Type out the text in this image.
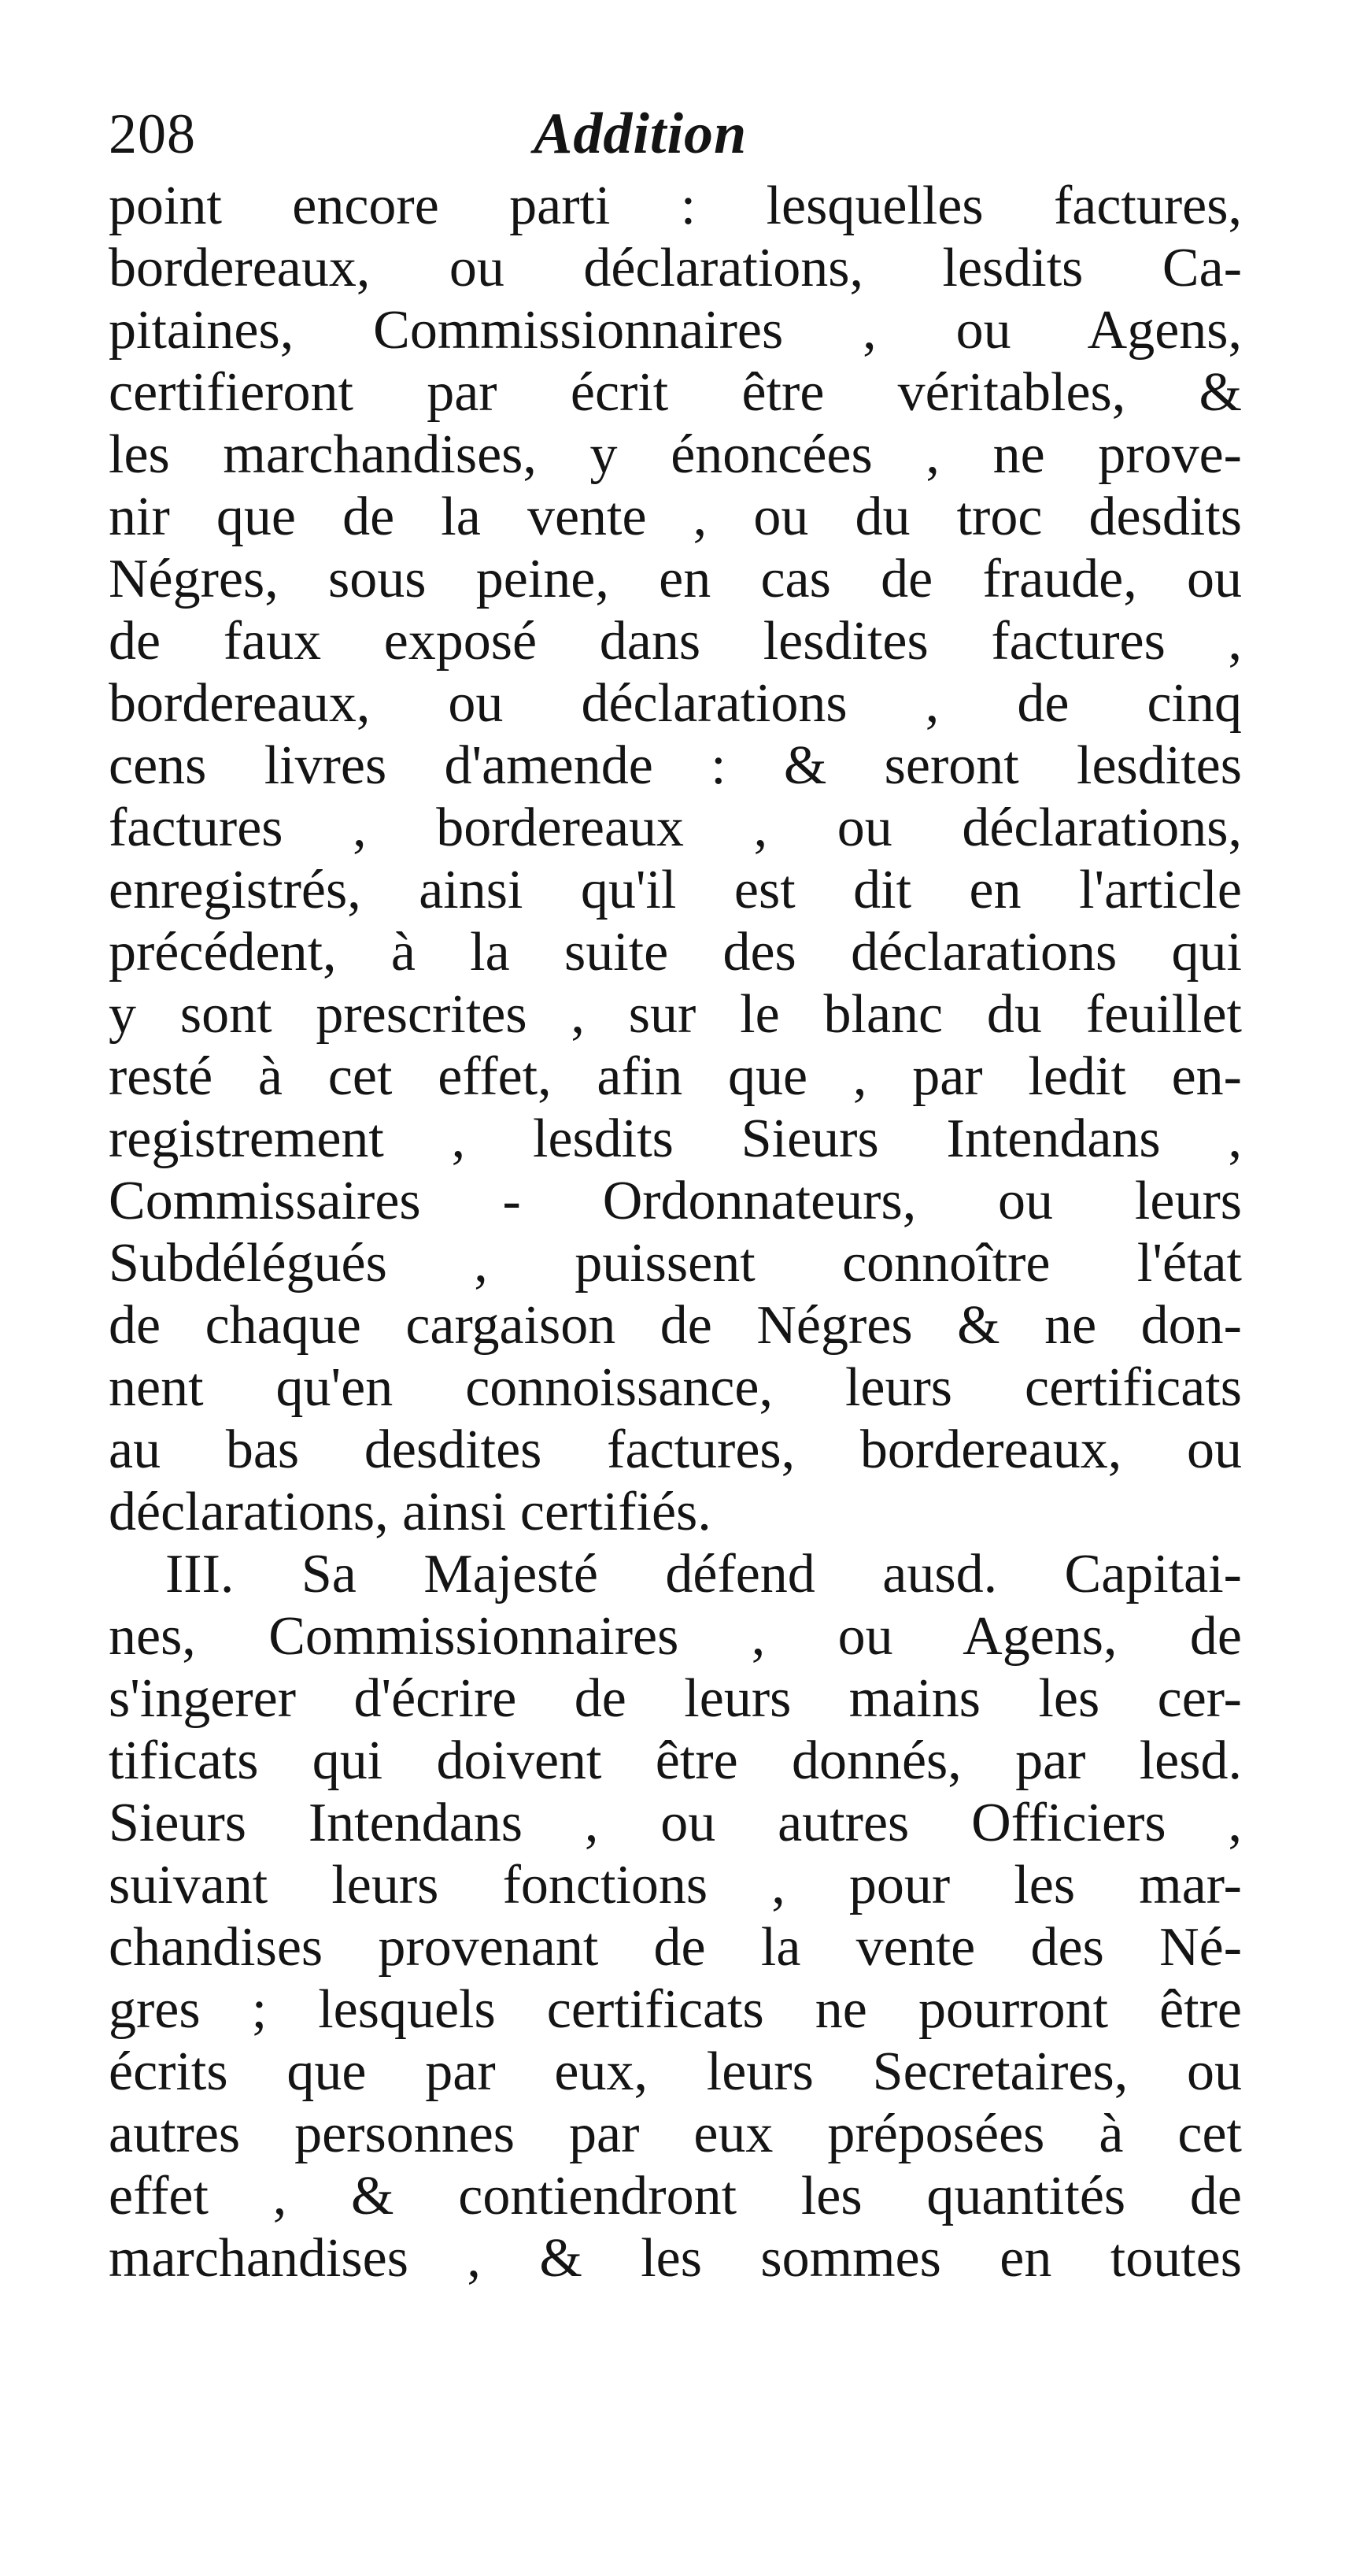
208	Addition
point encore parti : lesquelles factures,
bordereaux, ou déclarations, lesdits Ca-
pitaines, Commissionnaires , ou Agens,
certifieront par écrit être véritables, &
les marchandises, y énoncées , ne prove-
nir que de la vente , ou du troc desdits
Négres, sous peine, en cas de fraude, ou
de faux exposé dans lesdites factures ,
bordereaux, ou déclarations , de cinq
cens livres d'amende : & seront lesdites
factures , bordereaux , ou déclarations,
enregistrés, ainsi qu'il est dit en l'article
précédent, à la suite des déclarations qui
y sont prescrites , sur le blanc du feuillet
resté à cet effet, afin que , par ledit en-
registrement , lesdits Sieurs Intendans ,
Commissaires - Ordonnateurs, ou leurs
Subdélégués , puissent connoître l'état
de chaque cargaison de Négres & ne don-
nent qu'en connoissance, leurs certificats
au bas desdites factures, bordereaux, ou
déclarations, ainsi certifiés.
III. Sa Majesté défend ausd. Capitai-
nes, Commissionnaires , ou Agens, de
s'ingerer d'écrire de leurs mains les cer-
tificats qui doivent être donnés, par lesd.
Sieurs Intendans , ou autres Officiers ,
suivant leurs fonctions , pour les mar-
chandises provenant de la vente des Né-
gres ; lesquels certificats ne pourront être
écrits que par eux, leurs Secretaires, ou
autres personnes par eux préposées à cet
effet , & contiendront les quantités de
marchandises , & les sommes en toutes
